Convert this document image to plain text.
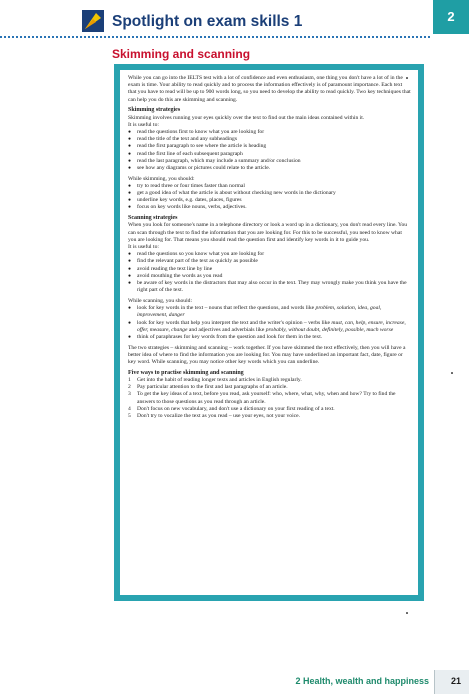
2
Spotlight on exam skills 1
Skimming and scanning

While you can go into the IELTS test with a lot of confidence and even enthusiasm, one thing you don't have a lot of in the exam is time. Your ability to read quickly and to process the information effectively is of paramount importance. Each text that you have to read will be up to 900 words long, so you need to develop the ability to read quickly. Two key techniques that can help you do this are skimming and scanning.

Skimming strategies

Skimming involves running your eyes quickly over the text to find out the main ideas contained within it.

It is useful to:
● read the questions first to know what you are looking for
● read the title of the text and any subheadings
● read the first paragraph to see where the article is heading
● read the first line of each subsequent paragraph
● read the last paragraph, which may include a summary and/or conclusion
● see how any diagrams or pictures could relate to the article.
While skimming, you should:
● try to read three or four times faster than normal
● get a good idea of what the article is about without checking new words in the dictionary
● underline key words, e.g. dates, places, figures
● focus on key words like nouns, verbs, adjectives.
Scanning strategies

When you look for someone's name in a telephone directory or look a word up in a dictionary, you don't read every line. You can scan through the text to find the information that you are looking for. For this to be successful, you need to know what you are looking for. That means you should read the question first and identify key words in it to guide you.

It is useful to:
● read the questions so you know what you are looking for
● find the relevant part of the text as quickly as possible
● avoid reading the text line by line
● avoid mouthing the words as you read
● be aware of key words in the distractors that may also occur in the text. They may wrongly make you think you have the right part of the text.
While scanning, you should:
● look for key words in the text – nouns that reflect the questions, and words like problem, solution, idea, goal, improvement, danger
● look for key words that help you interpret the text and the writer's opinion – verbs like must, can, help, ensure, increase, offer, measure, change and adjectives and adverbials like probably, without doubt, definitely, possible, much worse
● think of paraphrases for key words from the question and look for them in the text.

The two strategies – skimming and scanning – work together. If you have skimmed the text effectively, then you will have a better idea of where to find the information you are looking for. You may have underlined an important fact, date, figure or key word. While scanning, you may notice other key words which you can underline.

Five ways to practise skimming and scanning
1 Get into the habit of reading longer texts and articles in English regularly.
2 Pay particular attention to the first and last paragraphs of an article.
3 To get the key ideas of a text, before you read, ask yourself: who, where, what, why, when and how? Try to find the answers to those questions as you read through an article.
4 Don't focus on new vocabulary, and don't use a dictionary on your first reading of a text.
5 Don't try to vocalize the text as you read – use your eyes, not your voice.
2 Health, wealth and happiness 21
